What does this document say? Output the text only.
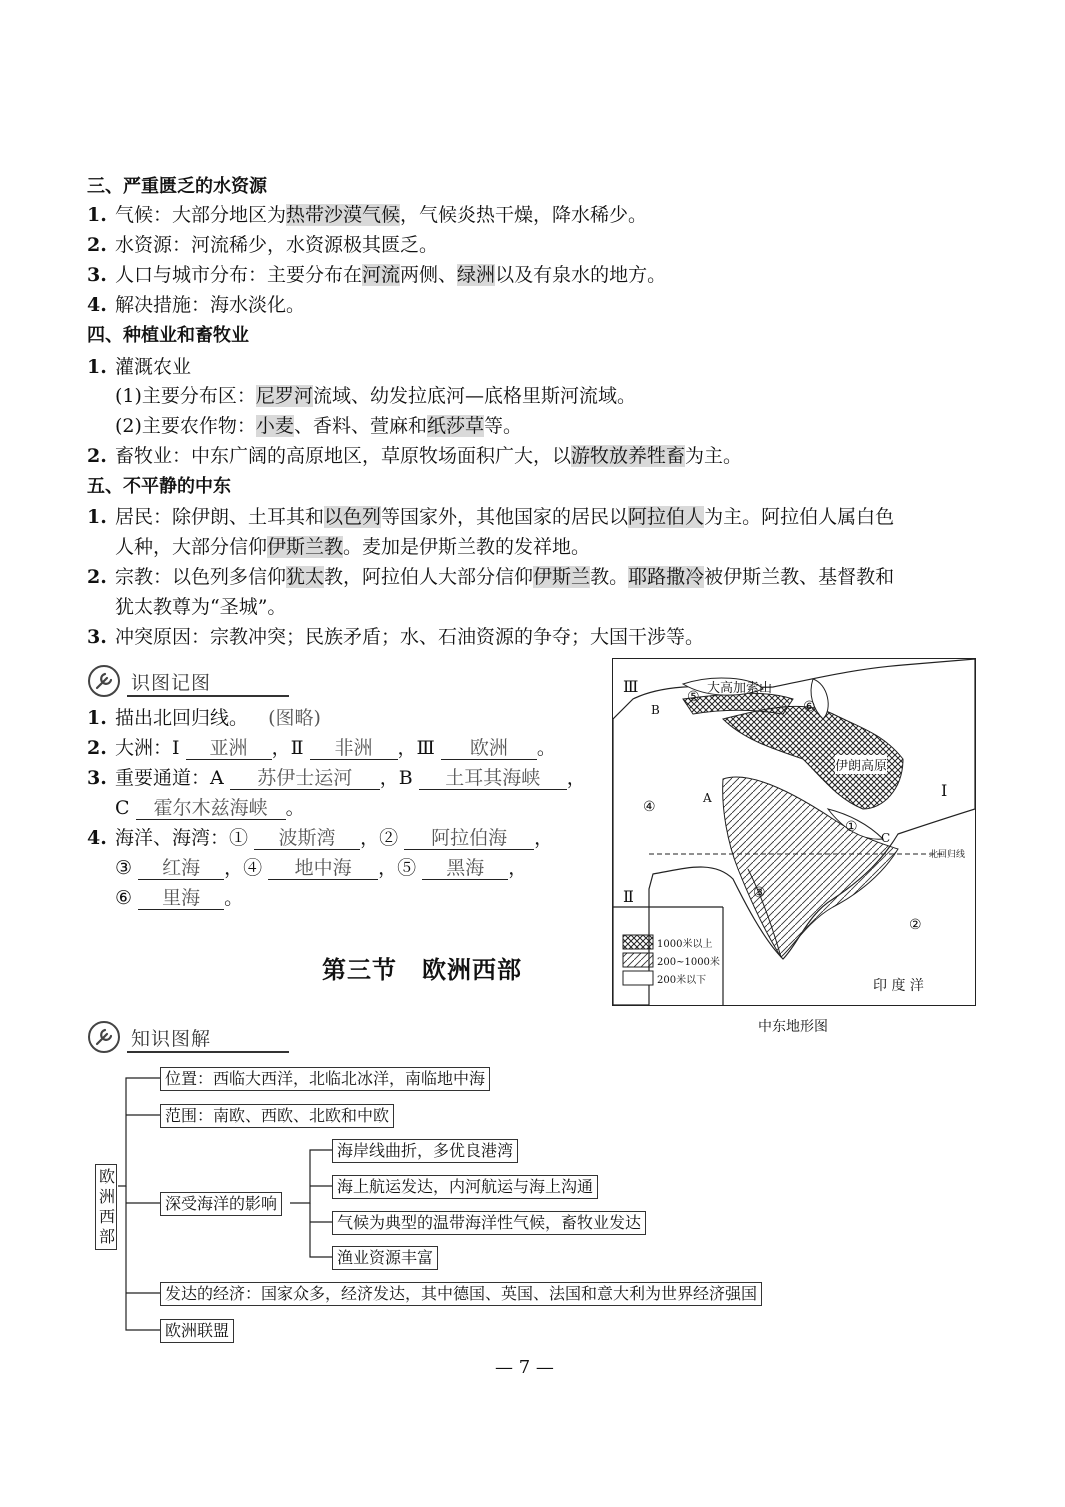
三、严重匮乏的水资源
1. 气候：大部分地区为热带沙漠气候，气候炎热干燥，降水稀少。
2. 水资源：河流稀少，水资源极其匮乏。
3. 人口与城市分布：主要分布在河流两侧、绿洲以及有泉水的地方。
4. 解决措施：海水淡化。
四、种植业和畜牧业
1. 灌溉农业
(1)主要分布区：尼罗河流域、幼发拉底河—底格里斯河流域。
(2)主要农作物：小麦、香料、萱麻和纸莎草等。
2. 畜牧业：中东广阔的高原地区，草原牧场面积广大，以游牧放养牲畜为主。
五、不平静的中东
1. 居民：除伊朗、土耳其和以色列等国家外，其他国家的居民以阿拉伯人为主。阿拉伯人属白色
人种，大部分信仰伊斯兰教。麦加是伊斯兰教的发祥地。
2. 宗教：以色列多信仰犹太教，阿拉伯人大部分信仰伊斯兰教。耶路撒冷被伊斯兰教、基督教和
犹太教尊为“圣城”。
3. 冲突原因：宗教冲突；民族矛盾；水、石油资源的争夺；大国干涉等。
识图记图
1. 描出北回归线。 (图略)
2. 大洲：Ⅰ 亚洲 ，Ⅱ 非洲 ，Ⅲ 欧洲 。
3. 重要通道：A 苏伊士运河 ，B 土耳其海峡 ，
C 霍尔木兹海峡 。
4. 海洋、海湾：① 波斯湾 ，② 阿拉伯海 ，
③ 红海 ，④ 地中海 ，⑤ 黑海 ，
⑥ 里海 。
第三节　欧洲西部
Ⅲ
Ⅰ
Ⅱ
大高加索山
伊朗高原
北回归线
印 度 洋
B
A
C
①
②
③
④
⑤
⑥
1000米以上
200~1000米
200米以下
中东地形图
知识图解
欧洲西部
位置：西临大西洋，北临北冰洋，南临地中海
范围：南欧、西欧、北欧和中欧
深受海洋的影响
海岸线曲折，多优良港湾
海上航运发达，内河航运与海上沟通
气候为典型的温带海洋性气候，畜牧业发达
渔业资源丰富
发达的经济：国家众多，经济发达，其中德国、英国、法国和意大利为世界经济强国
欧洲联盟
— 7 —
